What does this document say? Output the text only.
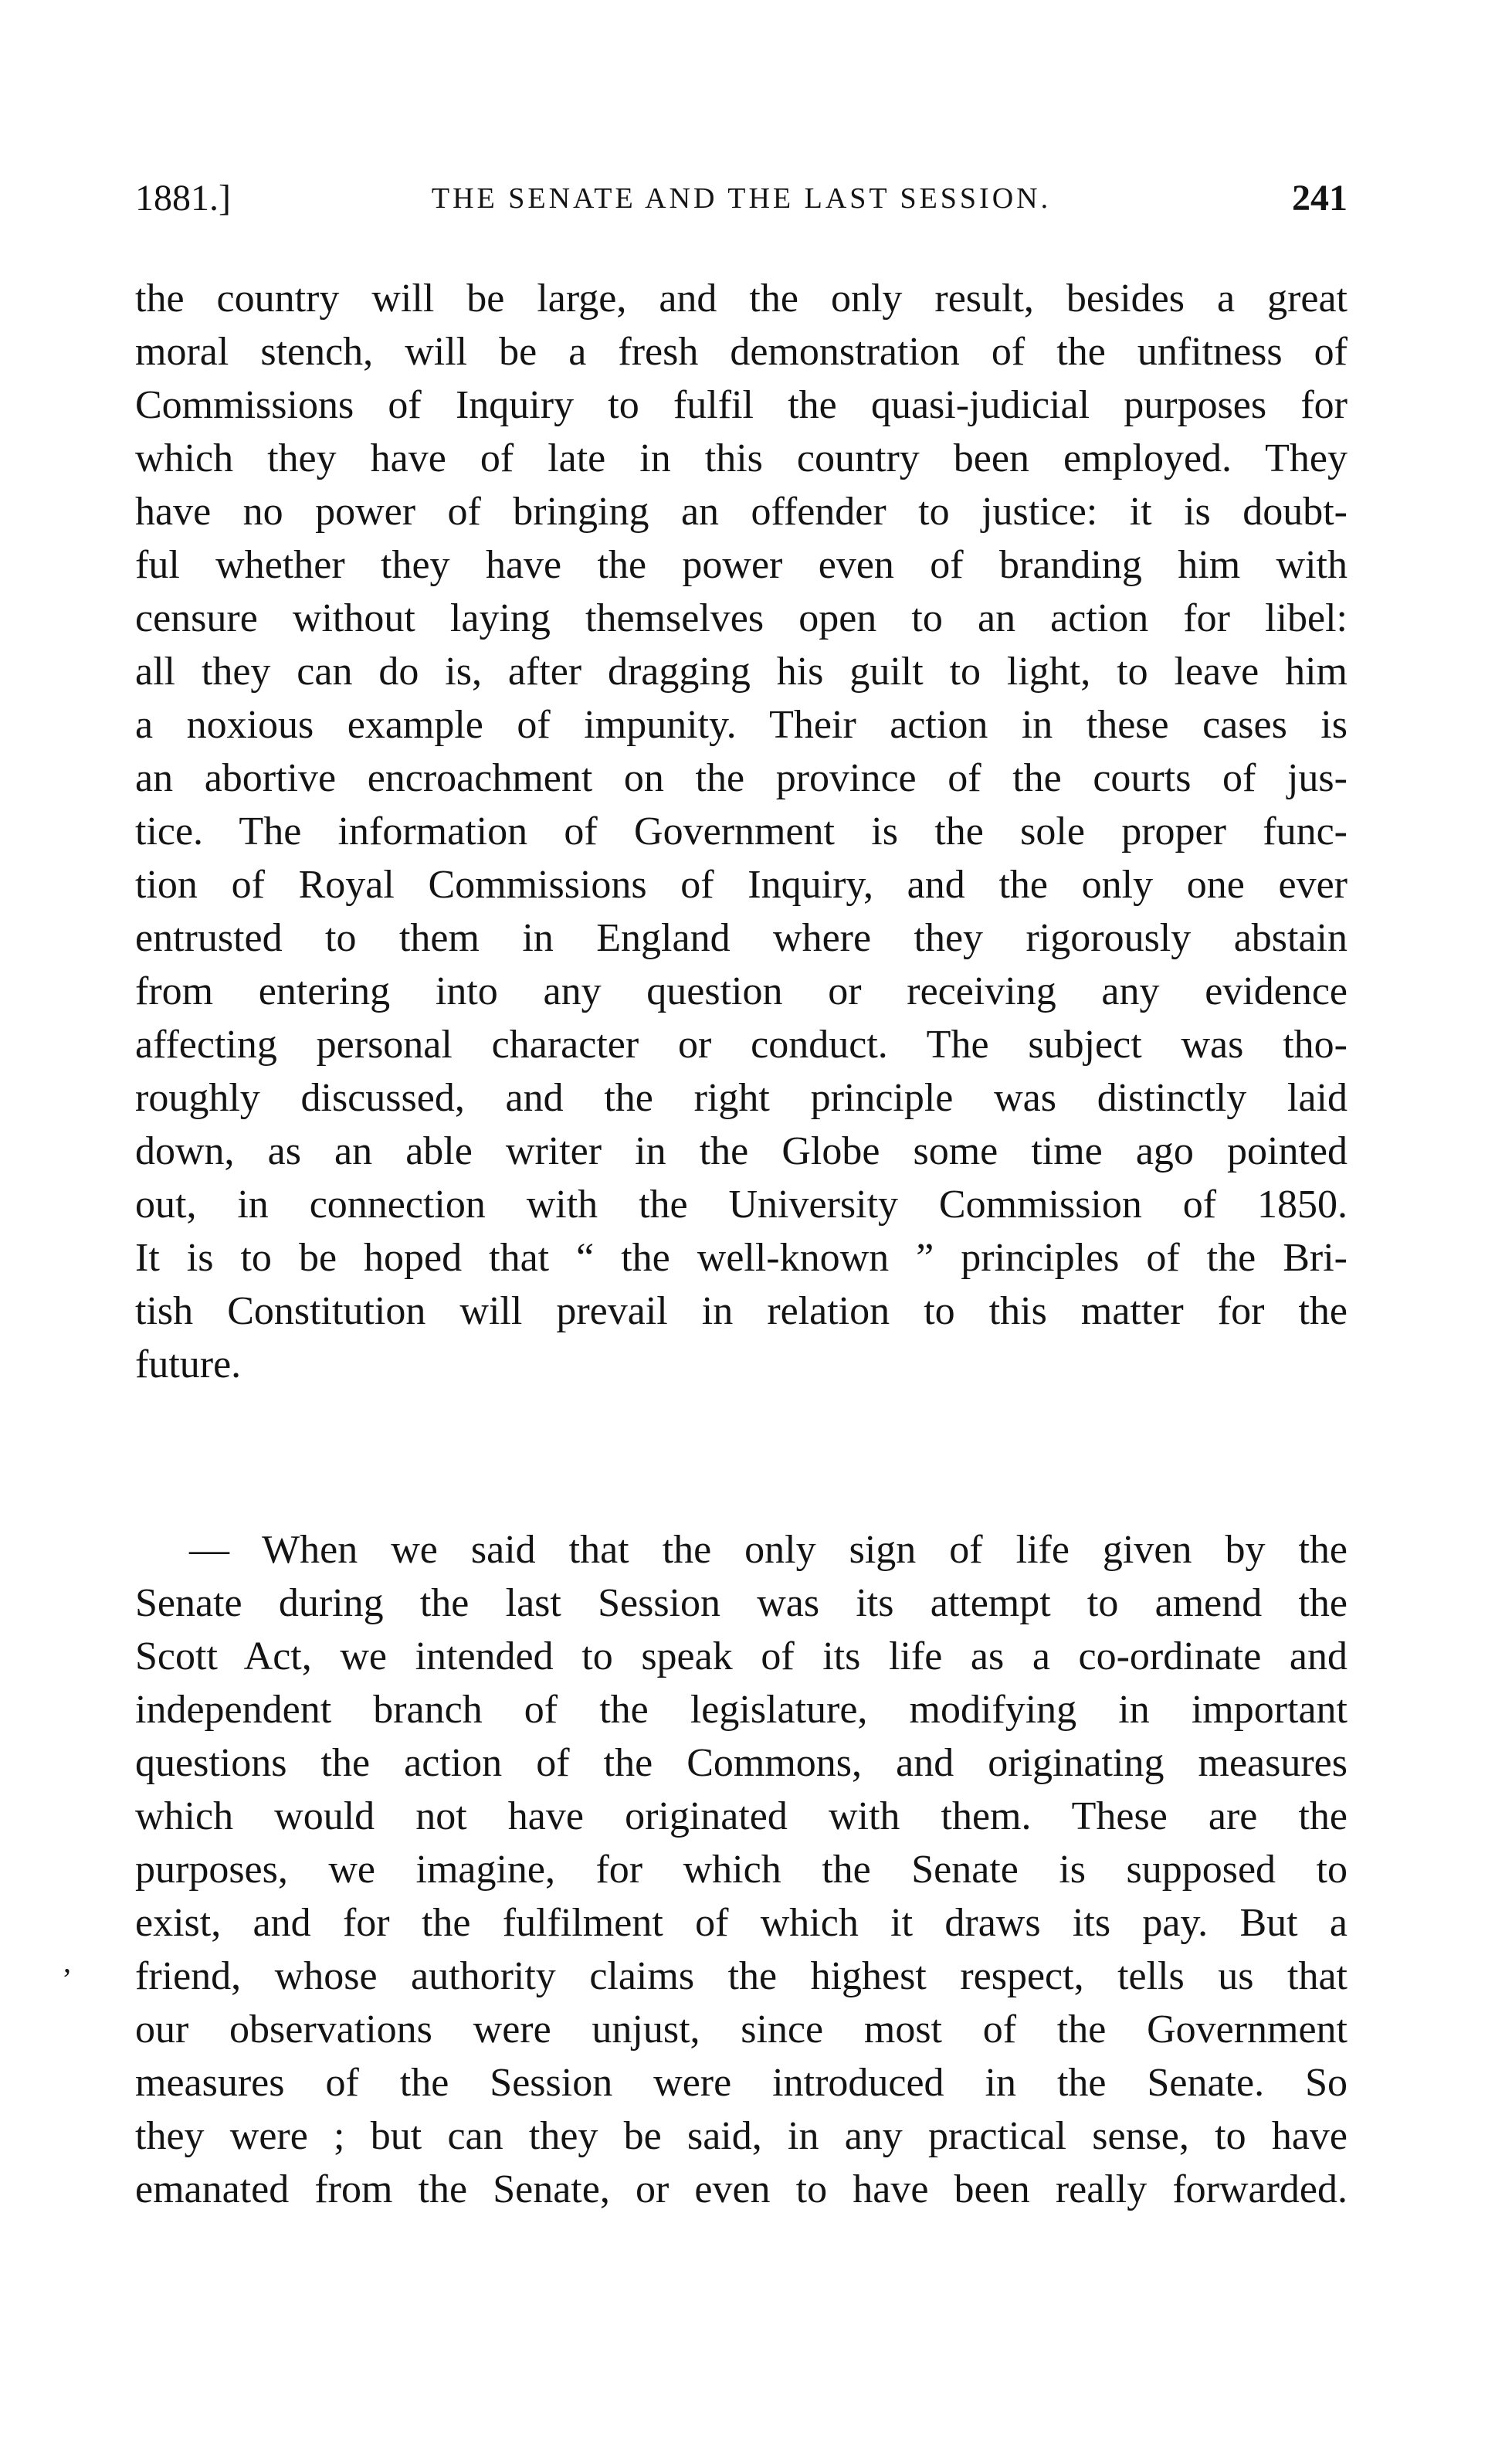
1881.]	THE SENATE AND THE LAST SESSION.	241
the country will be large, and the only result, besides a great
moral stench, will be a fresh demonstration of the unfitness of
Commissions of Inquiry to fulfil the quasi-judicial purposes for
which they have of late in this country been employed. They
have no power of bringing an offender to justice: it is doubt-
ful whether they have the power even of branding him with
censure without laying themselves open to an action for libel:
all they can do is, after dragging his guilt to light, to leave him
a noxious example of impunity. Their action in these cases is
an abortive encroachment on the province of the courts of jus-
tice. The information of Government is the sole proper func-
tion of Royal Commissions of Inquiry, and the only one ever
entrusted to them in England where they rigorously abstain
from entering into any question or receiving any evidence
affecting personal character or conduct. The subject was tho-
roughly discussed, and the right principle was distinctly laid
down, as an able writer in the Globe some time ago pointed
out, in connection with the University Commission of 1850.
It is to be hoped that “ the well-known ” principles of the Bri-
tish Constitution will prevail in relation to this matter for the
future.
— When we said that the only sign of life given by the
Senate during the last Session was its attempt to amend the
Scott Act, we intended to speak of its life as a co-ordinate and
independent branch of the legislature, modifying in important
questions the action of the Commons, and originating measures
which would not have originated with them. These are the
purposes, we imagine, for which the Senate is supposed to
exist, and for the fulfilment of which it draws its pay. But a
friend, whose authority claims the highest respect, tells us that
our observations were unjust, since most of the Government
measures of the Session were introduced in the Senate. So
they were ; but can they be said, in any practical sense, to have
emanated from the Senate, or even to have been really forwarded.
,
